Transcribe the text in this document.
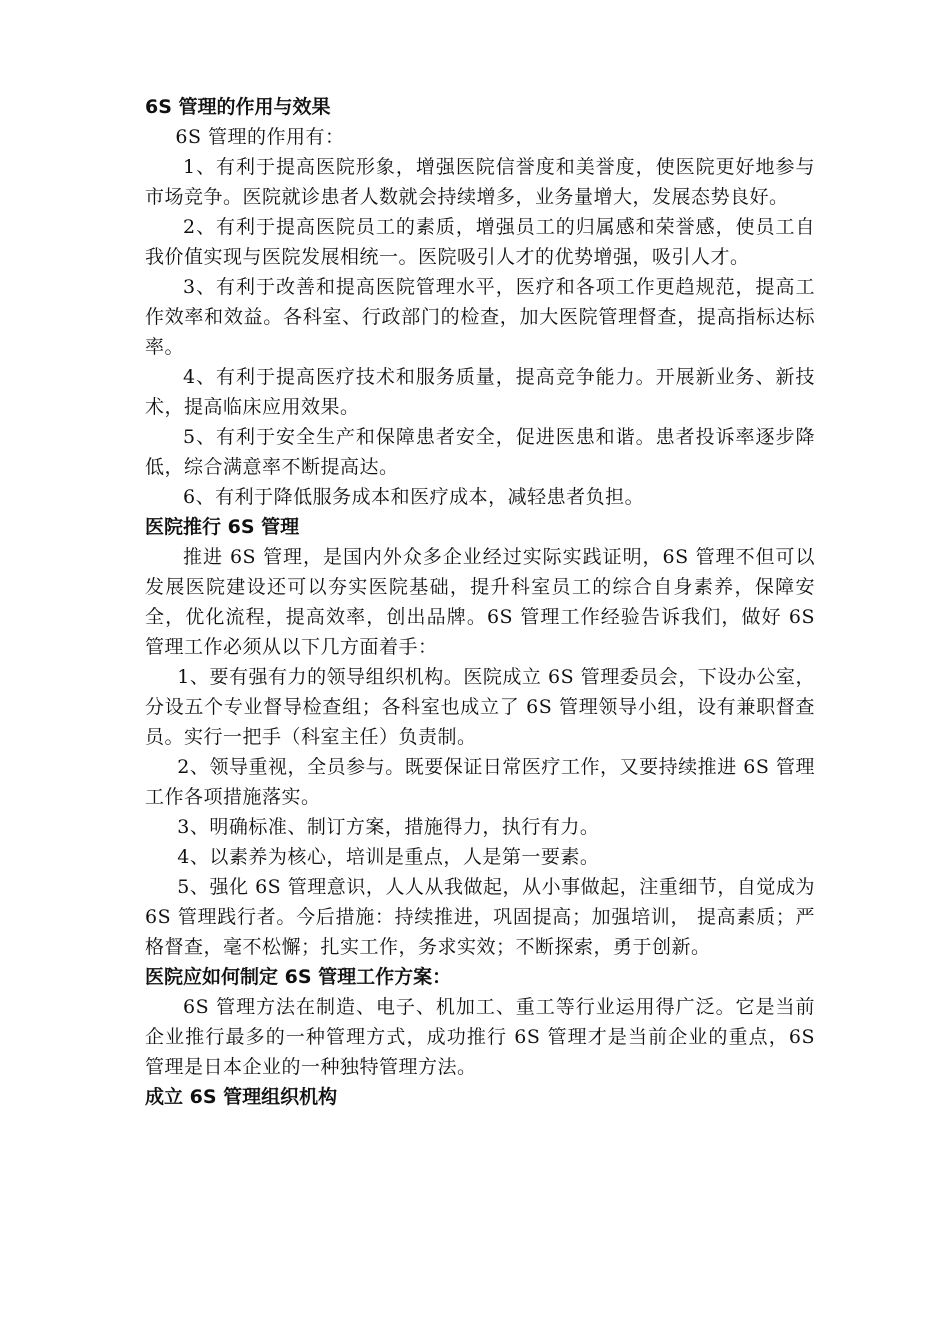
6S 管理的作用与效果

6S 管理的作用有：

1、有利于提高医院形象，增强医院信誉度和美誉度，使医院更好地参与市场竞争。医院就诊患者人数就会持续增多，业务量增大，发展态势良好。

2、有利于提高医院员工的素质，增强员工的归属感和荣誉感，使员工自我价值实现与医院发展相统一。医院吸引人才的优势增强，吸引人才。

3、有利于改善和提高医院管理水平，医疗和各项工作更趋规范，提高工作效率和效益。各科室、行政部门的检查，加大医院管理督查，提高指标达标率。

4、有利于提高医疗技术和服务质量，提高竞争能力。开展新业务、新技术，提高临床应用效果。

5、有利于安全生产和保障患者安全，促进医患和谐。患者投诉率逐步降低，综合满意率不断提高达。

6、有利于降低服务成本和医疗成本，减轻患者负担。

医院推行 6S 管理

推进 6S 管理，是国内外众多企业经过实际实践证明，6S 管理不但可以发展医院建设还可以夯实医院基础，提升科室员工的综合自身素养，保障安全，优化流程，提高效率，创出品牌。6S 管理工作经验告诉我们，做好 6S 管理工作必须从以下几方面着手：

1、要有强有力的领导组织机构。医院成立 6S 管理委员会，下设办公室，分设五个专业督导检查组；各科室也成立了 6S 管理领导小组，设有兼职督查员。实行一把手（科室主任）负责制。

2、领导重视，全员参与。既要保证日常医疗工作，又要持续推进 6S 管理工作各项措施落实。

3、明确标准、制订方案，措施得力，执行有力。

4、以素养为核心，培训是重点，人是第一要素。

5、强化 6S 管理意识，人人从我做起，从小事做起，注重细节，自觉成为 6S 管理践行者。今后措施：持续推进，巩固提高；加强培训， 提高素质；严格督查，毫不松懈；扎实工作，务求实效；不断探索，勇于创新。

医院应如何制定 6S 管理工作方案：

6S 管理方法在制造、电子、机加工、重工等行业运用得广泛。它是当前企业推行最多的一种管理方式，成功推行 6S 管理才是当前企业的重点，6S 管理是日本企业的一种独特管理方法。

成立 6S 管理组织机构
